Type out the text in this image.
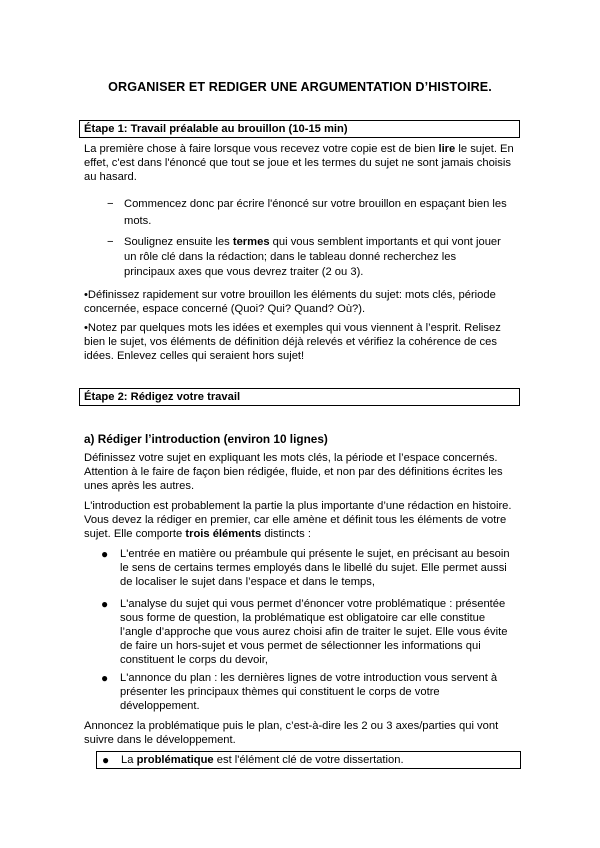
ORGANISER ET REDIGER UNE ARGUMENTATION D’HISTOIRE.
Étape 1: Travail préalable au brouillon (10-15 min)

La première chose à faire lorsque vous recevez votre copie est de bien lire le sujet. En effet, c'est dans l'énoncé que tout se joue et les termes du sujet ne sont jamais choisis au hasard.

− Commencez donc par écrire l'énoncé sur votre brouillon en espaçant bien les mots.
− Soulignez ensuite les termes qui vous semblent importants et qui vont jouer un rôle clé dans la rédaction; dans le tableau donné recherchez les principaux axes que vous devrez traiter (2 ou 3).

•Définissez rapidement sur votre brouillon les éléments du sujet: mots clés, période concernée, espace concerné (Quoi? Qui? Quand? Où?).

•Notez par quelques mots les idées et exemples qui vous viennent à l’esprit. Relisez bien le sujet, vos éléments de définition déjà relevés et vérifiez la cohérence de ces idées. Enlevez celles qui seraient hors sujet!

Étape 2: Rédigez votre travail
a) Rédiger l’introduction (environ 10 lignes)

Définissez votre sujet en expliquant les mots clés, la période et l’espace concernés. Attention à le faire de façon bien rédigée, fluide, et non par des définitions écrites les unes après les autres.

L'introduction est probablement la partie la plus importante d’une rédaction en histoire. Vous devez la rédiger en premier, car elle amène et définit tous les éléments de votre sujet. Elle comporte trois éléments distincts :

● L'entrée en matière ou préambule qui présente le sujet, en précisant au besoin le sens de certains termes employés dans le libellé du sujet. Elle permet aussi de localiser le sujet dans l’espace et dans le temps,
● L'analyse du sujet qui vous permet d’énoncer votre problématique : présentée sous forme de question, la problématique est obligatoire car elle constitue l’angle d’approche que vous aurez choisi afin de traiter le sujet. Elle vous évite de faire un hors-sujet et vous permet de sélectionner les informations qui constituent le corps du devoir,
● L'annonce du plan : les dernières lignes de votre introduction vous servent à présenter les principaux thèmes qui constituent le corps de votre développement.

Annoncez la problématique puis le plan, c’est-à-dire les 2 ou 3 axes/parties qui vont suivre dans le développement.

● La problématique est l'élément clé de votre dissertation.
